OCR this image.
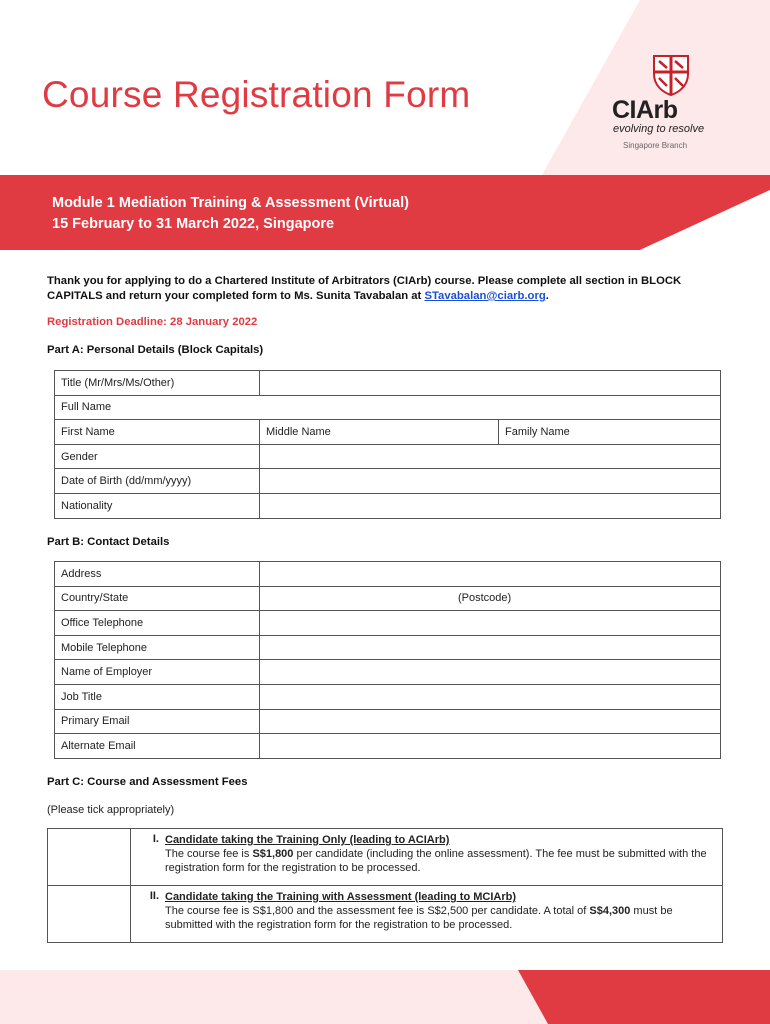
Course Registration Form	CIArb
evolving to resolve
Singapore Branch
Module 1 Mediation Training & Assessment (Virtual)
15 February to 31 March 2022, Singapore
Thank you for applying to do a Chartered Institute of Arbitrators (CIArb) course. Please complete all section in BLOCK CAPITALS and return your completed form to Ms. Sunita Tavabalan at STavabalan@ciarb.org.
Registration Deadline: 28 January 2022
Part A: Personal Details (Block Capitals)
Title (Mr/Mrs/Ms/Other)		
Full Name		
First Name	Middle Name	Family Name
Gender		
Date of Birth (dd/mm/yyyy)		
Nationality		
Part B: Contact Details
Address	
Country/State	(Postcode)
Office Telephone	
Mobile Telephone	
Name of Employer	
Job Title	
Primary Email	
Alternate Email	
Part C: Course and Assessment Fees
(Please tick appropriately)
	I.	Candidate taking the Training Only (leading to ACIArb)
The course fee is S$1,800 per candidate (including the online assessment). The fee must be submitted with the registration form for the registration to be processed.

	II.	Candidate taking the Training with Assessment (leading to MCIArb)
The course fee is S$1,800 and the assessment fee is S$2,500 per candidate. A total of S$4,300 must be submitted with the registration form for the registration to be processed.
